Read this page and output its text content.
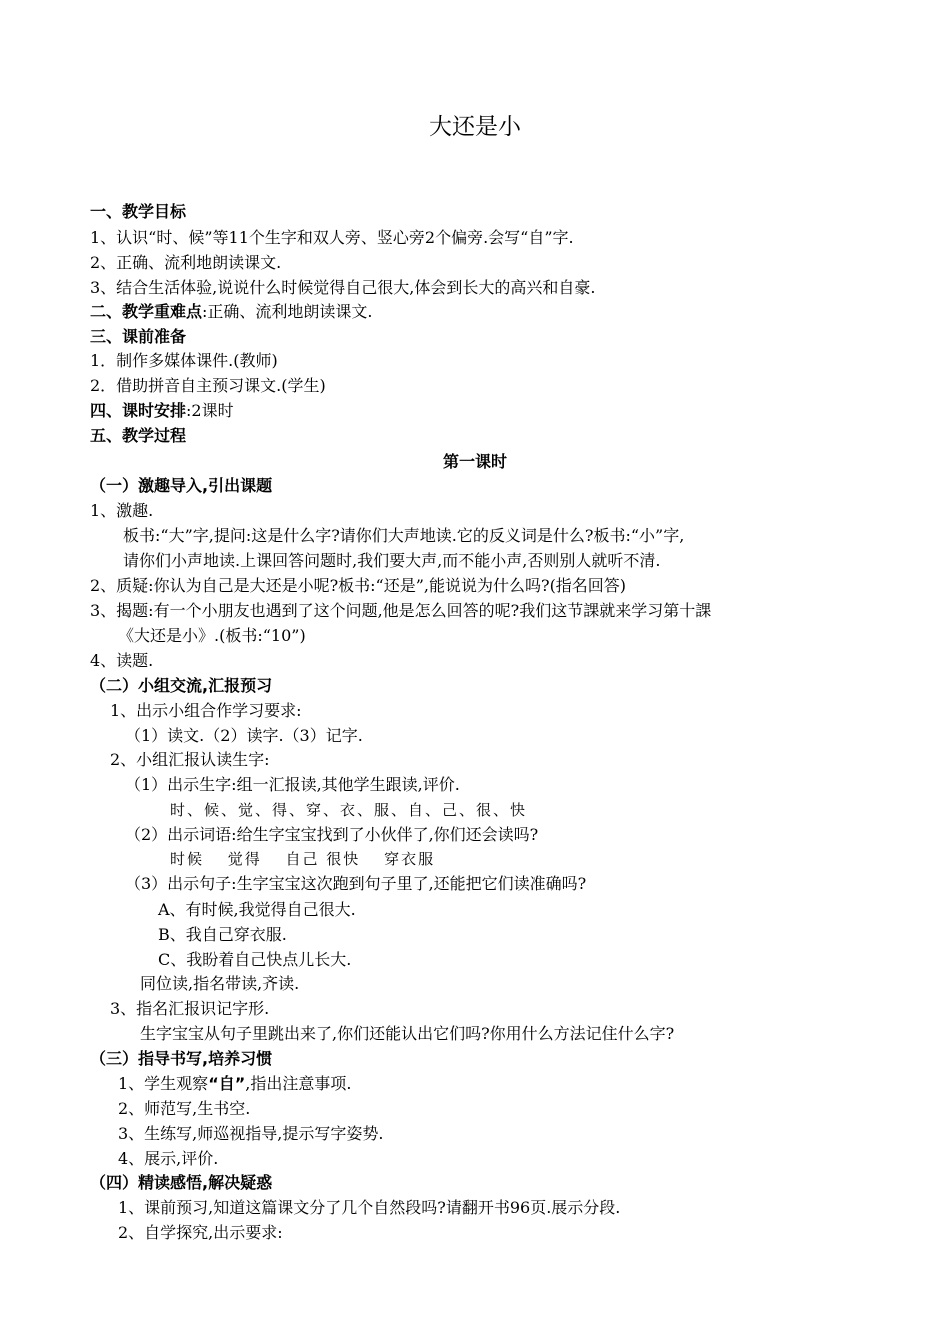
大还是小
一、教学目标
1、认识“时、候”等11个生字和双人旁、竖心旁2个偏旁.会写“自”字.
2、正确、流利地朗读课文.
3、结合生活体验,说说什么时候觉得自己很大,体会到长大的高兴和自豪.
二、教学重难点:正确、流利地朗读课文.
三、课前准备
1．制作多媒体课件.(教师)
2．借助拼音自主预习课文.(学生)
四、课时安排:2课时
五、教学过程
第一课时
（一）激趣导入,引出课题
1、激趣.
板书:“大”字,提问:这是什么字?请你们大声地读.它的反义词是什么?板书:“小”字,
请你们小声地读.上课回答问题时,我们要大声,而不能小声,否则别人就听不清.
2、质疑:你认为自己是大还是小呢?板书:“还是”,能说说为什么吗?(指名回答)
3、揭题:有一个小朋友也遇到了这个问题,他是怎么回答的呢?我们这节課就来学习第十課
《大还是小》.(板书:“10”)
4、读题.
（二）小组交流,汇报预习
1、出示小组合作学习要求:
（1）读文.（2）读字.（3）记字.
2、小组汇报认读生字:
（1）出示生字:组一汇报读,其他学生跟读,评价.
时、候、觉、得、穿、衣、服、自、己、很、快
（2）出示词语:给生字宝宝找到了小伙伴了,你们还会读吗?
时候　 觉得　 自己 很快　 穿衣服
（3）出示句子:生字宝宝这次跑到句子里了,还能把它们读准确吗?
A、有时候,我觉得自己很大.
B、我自己穿衣服.
C、我盼着自己快点儿长大.
同位读,指名带读,齐读.
3、指名汇报识记字形.
生字宝宝从句子里跳出来了,你们还能认出它们吗?你用什么方法记住什么字?
（三）指导书写,培养习惯
1、学生观察“自”,指出注意事项.
2、师范写,生书空.
3、生练写,师巡视指导,提示写字姿势.
4、展示,评价.
（四）精读感悟,解决疑惑
1、课前预习,知道这篇课文分了几个自然段吗?请翻开书96页.展示分段.
2、自学探究,出示要求:
